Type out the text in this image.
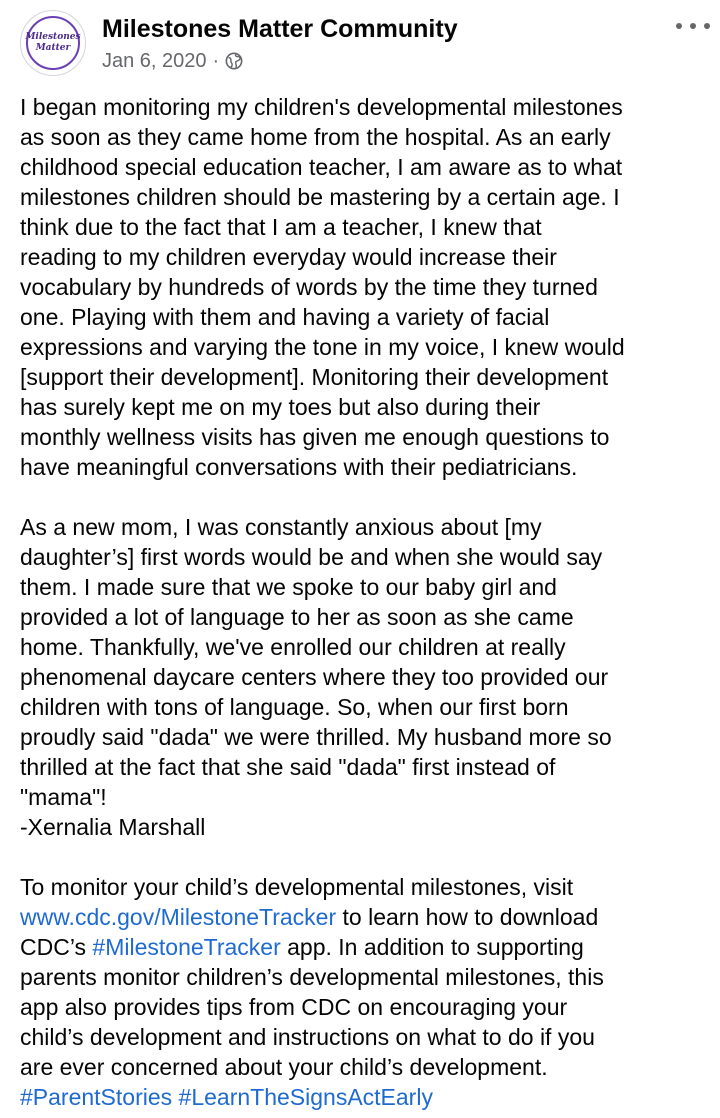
Milestones
Matter
Milestones Matter Community
Jan 6, 2020 ·
I began monitoring my children's developmental milestones
as soon as they came home from the hospital. As an early
childhood special education teacher, I am aware as to what
milestones children should be mastering by a certain age. I
think due to the fact that I am a teacher, I knew that
reading to my children everyday would increase their
vocabulary by hundreds of words by the time they turned
one. Playing with them and having a variety of facial
expressions and varying the tone in my voice, I knew would
[support their development]. Monitoring their development
has surely kept me on my toes but also during their
monthly wellness visits has given me enough questions to
have meaningful conversations with their pediatricians.
As a new mom, I was constantly anxious about [my
daughter’s] first words would be and when she would say
them. I made sure that we spoke to our baby girl and
provided a lot of language to her as soon as she came
home. Thankfully, we've enrolled our children at really
phenomenal daycare centers where they too provided our
children with tons of language. So, when our first born
proudly said "dada" we were thrilled. My husband more so
thrilled at the fact that she said "dada" first instead of
"mama"!
-Xernalia Marshall
To monitor your child’s developmental milestones, visit
www.cdc.gov/MilestoneTracker to learn how to download
CDC’s #MilestoneTracker app. In addition to supporting
parents monitor children’s developmental milestones, this
app also provides tips from CDC on encouraging your
child’s development and instructions on what to do if you
are ever concerned about your child’s development.
#ParentStories #LearnTheSignsActEarly
